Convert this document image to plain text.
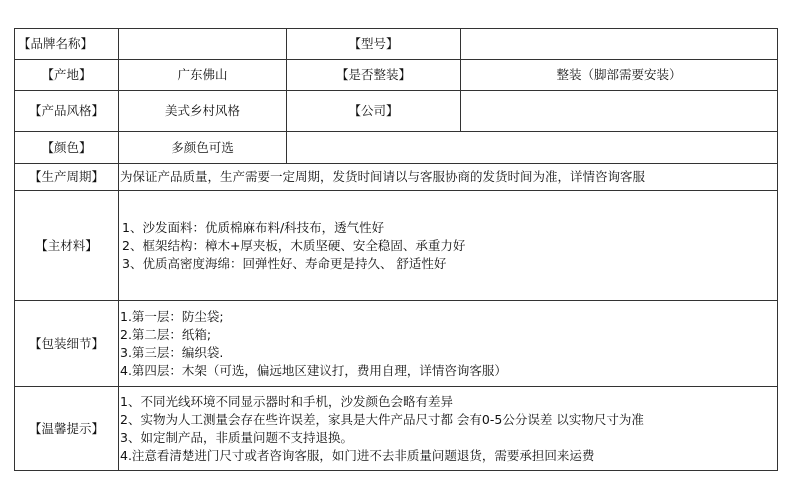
【品牌名称】		【型号】	
【产地】	广东佛山	【是否整装】	整装（脚部需要安装）
【产品风格】	美式乡村风格	【公司】	
【颜色】	多颜色可选		
【生产周期】	为保证产品质量，生产需要一定周期，发货时间请以与客服协商的发货时间为准，详情咨询客服		
【主材料】	1、沙发面料：优质棉麻布料/科技布，透气性好
2、框架结构：樟木+厚夹板，木质坚硬、安全稳固、承重力好
3、优质高密度海绵：回弹性好、寿命更是持久、 舒适性好		

【包装细节】	1.第一层：防尘袋;
2.第二层：纸箱;
3.第三层：编织袋.
4.第四层：木架（可选，偏远地区建议打，费用自理，详情咨询客服）		

【温馨提示】	1、不同光线环境不同显示器时和手机，沙发颜色会略有差异
2、实物为人工测量会存在些许误差，家具是大件产品尺寸都 会有0-5公分误差 以实物尺寸为准
3、如定制产品，非质量问题不支持退换。
4.注意看清楚进门尺寸或者咨询客服，如门进不去非质量问题退货，需要承担回来运费		
